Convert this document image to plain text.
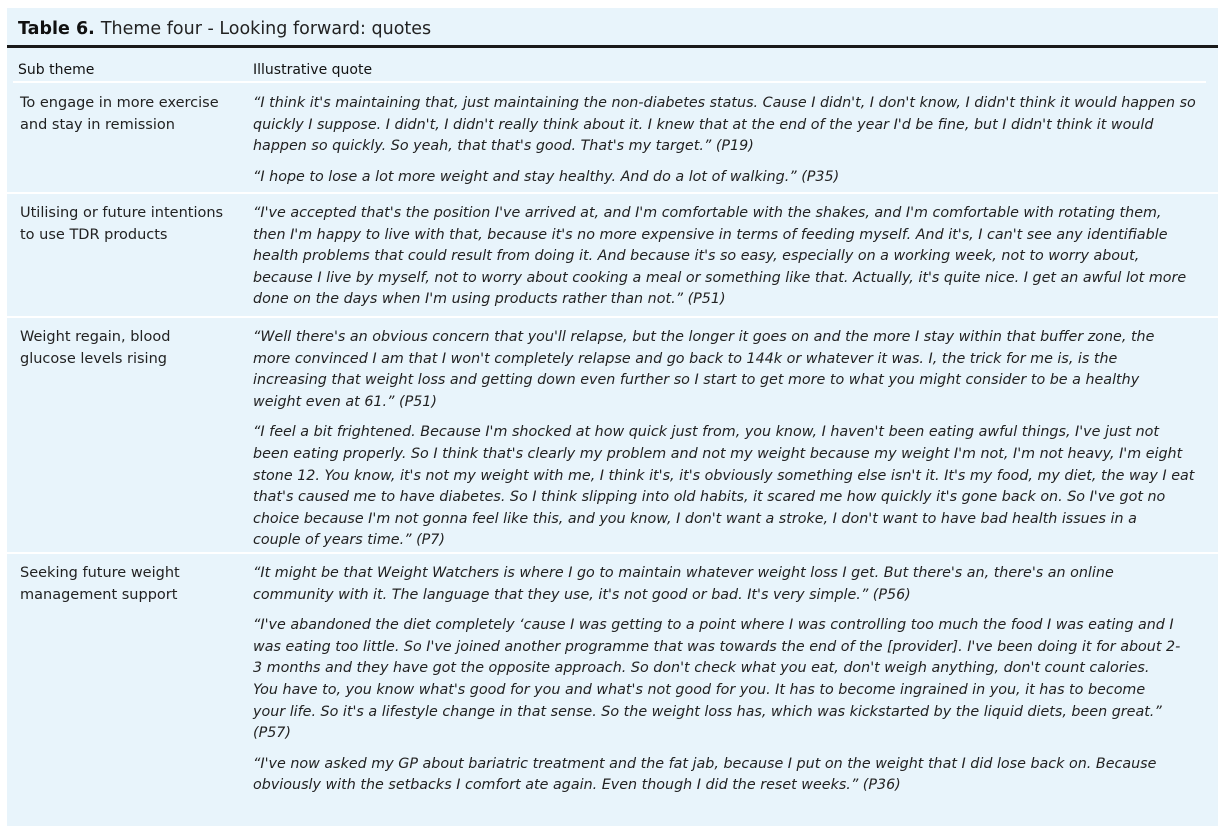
Table 6. Theme four - Looking forward: quotes
Sub theme	Illustrative quote
To engage in more exercise
and stay in remission

“I think it's maintaining that, just maintaining the non-diabetes status. Cause I didn't, I don't know, I didn't think it would happen so
quickly I suppose. I didn't, I didn't really think about it. I knew that at the end of the year I'd be fine, but I didn't think it would
happen so quickly. So yeah, that that's good. That's my target.” (P19)

“I hope to lose a lot more weight and stay healthy. And do a lot of walking.” (P35)

Utilising or future intentions
to use TDR products

“I've accepted that's the position I've arrived at, and I'm comfortable with the shakes, and I'm comfortable with rotating them,
then I'm happy to live with that, because it's no more expensive in terms of feeding myself. And it's, I can't see any identifiable
health problems that could result from doing it. And because it's so easy, especially on a working week, not to worry about,
because I live by myself, not to worry about cooking a meal or something like that. Actually, it's quite nice. I get an awful lot more
done on the days when I'm using products rather than not.” (P51)

Weight regain, blood
glucose levels rising

“Well there's an obvious concern that you'll relapse, but the longer it goes on and the more I stay within that buffer zone, the
more convinced I am that I won't completely relapse and go back to 144k or whatever it was. I, the trick for me is, is the
increasing that weight loss and getting down even further so I start to get more to what you might consider to be a healthy
weight even at 61.” (P51)

“I feel a bit frightened. Because I'm shocked at how quick just from, you know, I haven't been eating awful things, I've just not
been eating properly. So I think that's clearly my problem and not my weight because my weight I'm not, I'm not heavy, I'm eight
stone 12. You know, it's not my weight with me, I think it's, it's obviously something else isn't it. It's my food, my diet, the way I eat
that's caused me to have diabetes. So I think slipping into old habits, it scared me how quickly it's gone back on. So I've got no
choice because I'm not gonna feel like this, and you know, I don't want a stroke, I don't want to have bad health issues in a
couple of years time.” (P7)

Seeking future weight
management support

“It might be that Weight Watchers is where I go to maintain whatever weight loss I get. But there's an, there's an online
community with it. The language that they use, it's not good or bad. It's very simple.” (P56)

“I've abandoned the diet completely ‘cause I was getting to a point where I was controlling too much the food I was eating and I
was eating too little. So I've joined another programme that was towards the end of the [provider]. I've been doing it for about 2-
3 months and they have got the opposite approach. So don't check what you eat, don't weigh anything, don't count calories.
You have to, you know what's good for you and what's not good for you. It has to become ingrained in you, it has to become
your life. So it's a lifestyle change in that sense. So the weight loss has, which was kickstarted by the liquid diets, been great.”
(P57)

“I've now asked my GP about bariatric treatment and the fat jab, because I put on the weight that I did lose back on. Because
obviously with the setbacks I comfort ate again. Even though I did the reset weeks.” (P36)
